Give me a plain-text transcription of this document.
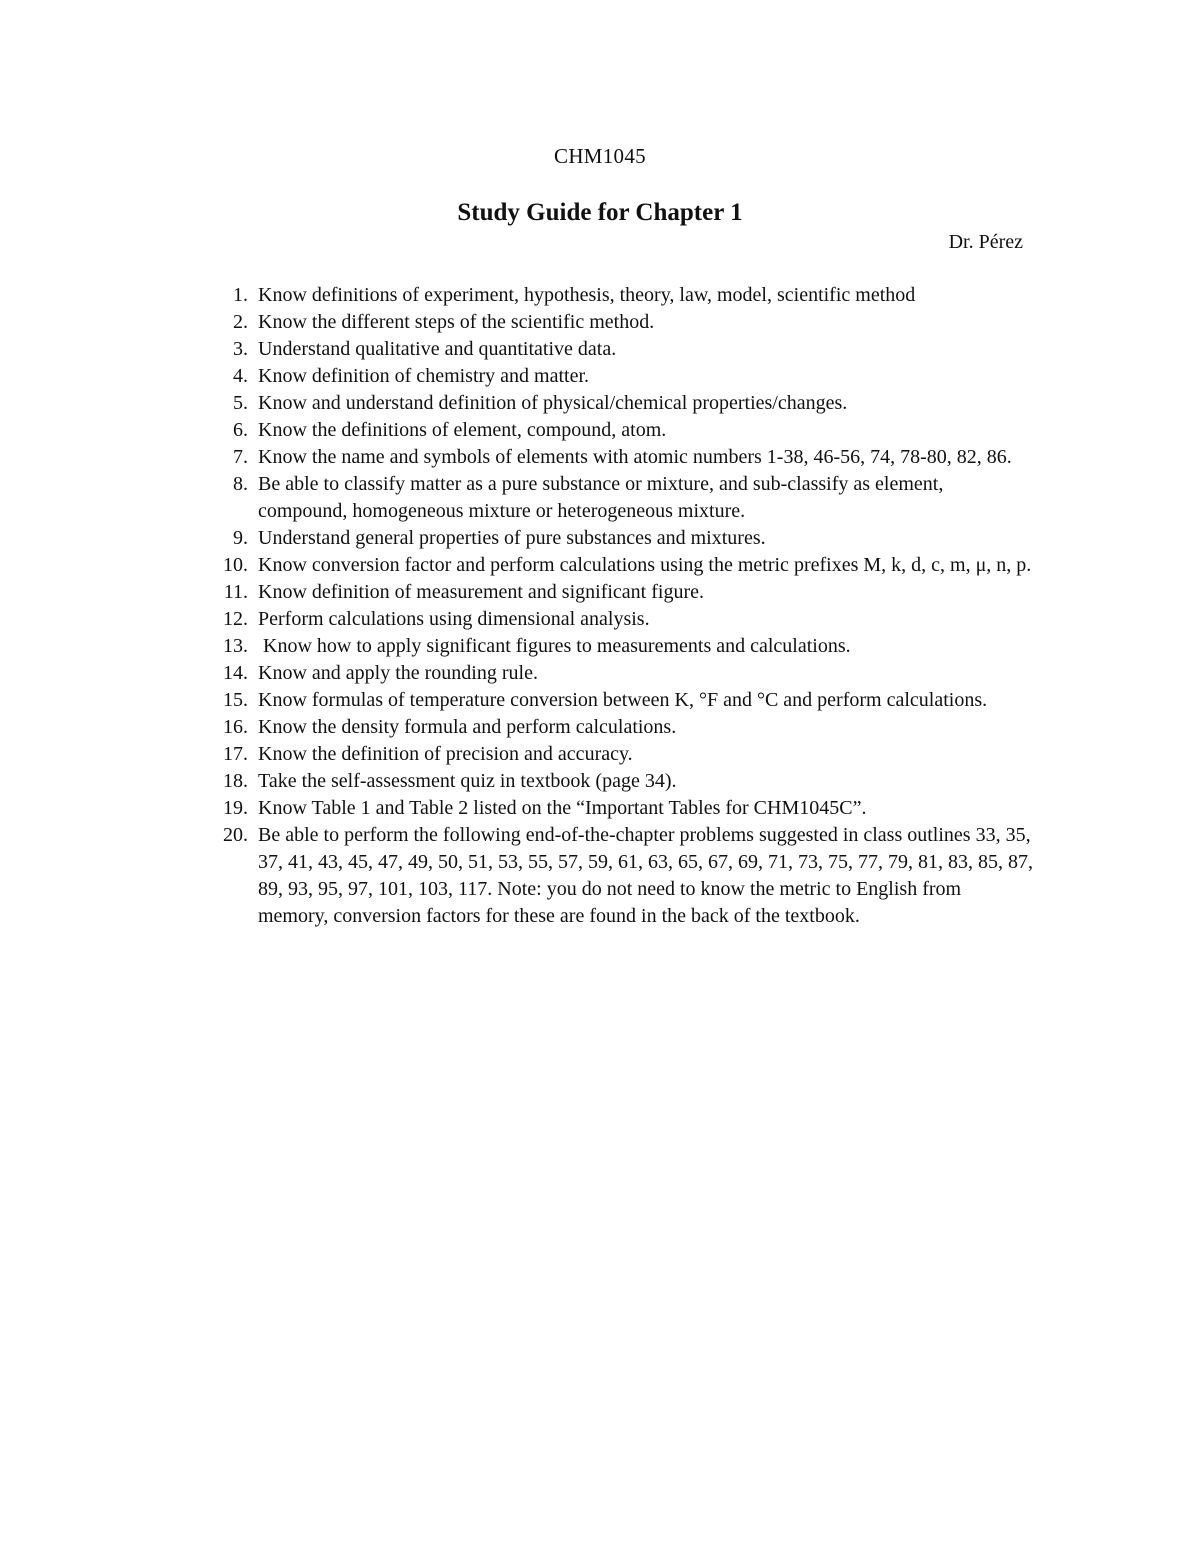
CHM1045
Study Guide for Chapter 1
Dr. Pérez
1. Know definitions of experiment, hypothesis, theory, law, model, scientific method
2. Know the different steps of the scientific method.
3. Understand qualitative and quantitative data.
4. Know definition of chemistry and matter.
5. Know and understand definition of physical/chemical properties/changes.
6. Know the definitions of element, compound, atom.
7. Know the name and symbols of elements with atomic numbers 1-38, 46-56, 74, 78-80, 82, 86.
8. Be able to classify matter as a pure substance or mixture, and sub-classify as element, compound, homogeneous mixture or heterogeneous mixture.
9. Understand general properties of pure substances and mixtures.
10. Know conversion factor and perform calculations using the metric prefixes M, k, d, c, m, μ, n, p.
11. Know definition of measurement and significant figure.
12. Perform calculations using dimensional analysis.
13. Know how to apply significant figures to measurements and calculations.
14. Know and apply the rounding rule.
15. Know formulas of temperature conversion between K, °F and °C and perform calculations.
16. Know the density formula and perform calculations.
17. Know the definition of precision and accuracy.
18. Take the self-assessment quiz in textbook (page 34).
19. Know Table 1 and Table 2 listed on the “Important Tables for CHM1045C”.
20. Be able to perform the following end-of-the-chapter problems suggested in class outlines 33, 35, 37, 41, 43, 45, 47, 49, 50, 51, 53, 55, 57, 59, 61, 63, 65, 67, 69, 71, 73, 75, 77, 79, 81, 83, 85, 87, 89, 93, 95, 97, 101, 103, 117. Note: you do not need to know the metric to English from memory, conversion factors for these are found in the back of the textbook.
